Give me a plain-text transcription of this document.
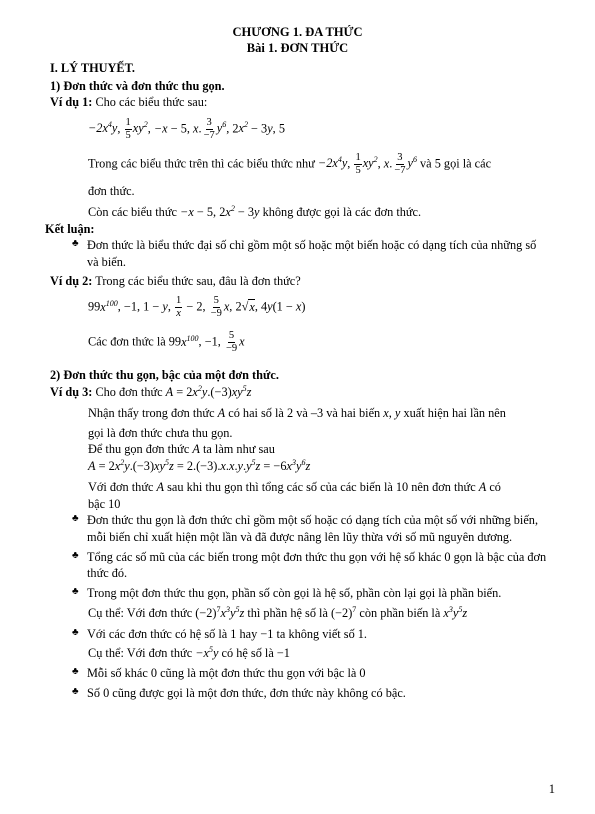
CHƯƠNG 1. ĐA THỨC
Bài 1. ĐƠN THỨC

I. LÝ THUYẾT.

1) Đơn thức và đơn thức thu gọn.

Ví dụ 1: Cho các biểu thức sau:

$-2x^4y$, $\frac{1}{5} xy^2$, −x − 5, x. $\frac{3}{-7} y^6$, $2x^2 - 3y$, 5
Trong các biểu thức trên thì các biểu thức như $-2x^4y$, $\frac{1}{5} xy^2$, x. $\frac{3}{-7} y^6$ và 5 gọi là các

đơn thức.

Còn các biểu thức −x − 5, $2x^2 - 3y$ không được gọi là các đơn thức.

Kết luận:

♣ Đơn thức là biểu thức đại số chỉ gồm một số hoặc một biến hoặc có dạng tích của những số và biến.

Ví dụ 2: Trong các biểu thức sau, đâu là đơn thức?

$99x^{100}$, −1, 1 − y, $\frac{1}{x} - 2$, $\frac{5}{-9} x$, 2√x, 4y(1 − x)
Các đơn thức là $99x^{100}$, −1, $\frac{5}{-9}$ x

2) Đơn thức thu gọn, bậc của một đơn thức.

Ví dụ 3: Cho đơn thức $A = 2x^2y.(-3)xy^5z$

Nhận thấy trong đơn thức A có hai số là 2 và –3 và hai biến x, y xuất hiện hai lần nên

gọi là đơn thức chưa thu gọn.

Để thu gọn đơn thức A ta làm như sau

$A = 2x^2y.(-3)xy^5z = 2.(-3).x.x.y.y^5z = -6x^3y^6z$

Với đơn thức A sau khi thu gọn thì tổng các số của các biến là 10 nên đơn thức A có

bậc 10

♣ Đơn thức thu gọn là đơn thức chỉ gồm một số hoặc có dạng tích của một số với những biến, mỗi biến chỉ xuất hiện một lần và đã được nâng lên lũy thừa với số mũ nguyên dương.
♣ Tổng các số mũ của các biến trong một đơn thức thu gọn với hệ số khác 0 gọn là bậc của đơn thức đó.
♣ Trong một đơn thức thu gọn, phần số còn gọi là hệ số, phần còn lại gọi là phần biến.

Cụ thể: Với đơn thức $(-2)^7x^3y^5z$ thì phần hệ số là $(-2)^7$ còn phần biến là $x^3y^5z$

♣ Với các đơn thức có hệ số là 1 hay −1 ta không viết số 1.

Cụ thể: Với đơn thức $-x^5y$ có hệ số là −1

♣ Mỗi số khác 0 cũng là một đơn thức thu gọn với bậc là 0
♣ Số 0 cũng được gọi là một đơn thức, đơn thức này không có bậc.
1
